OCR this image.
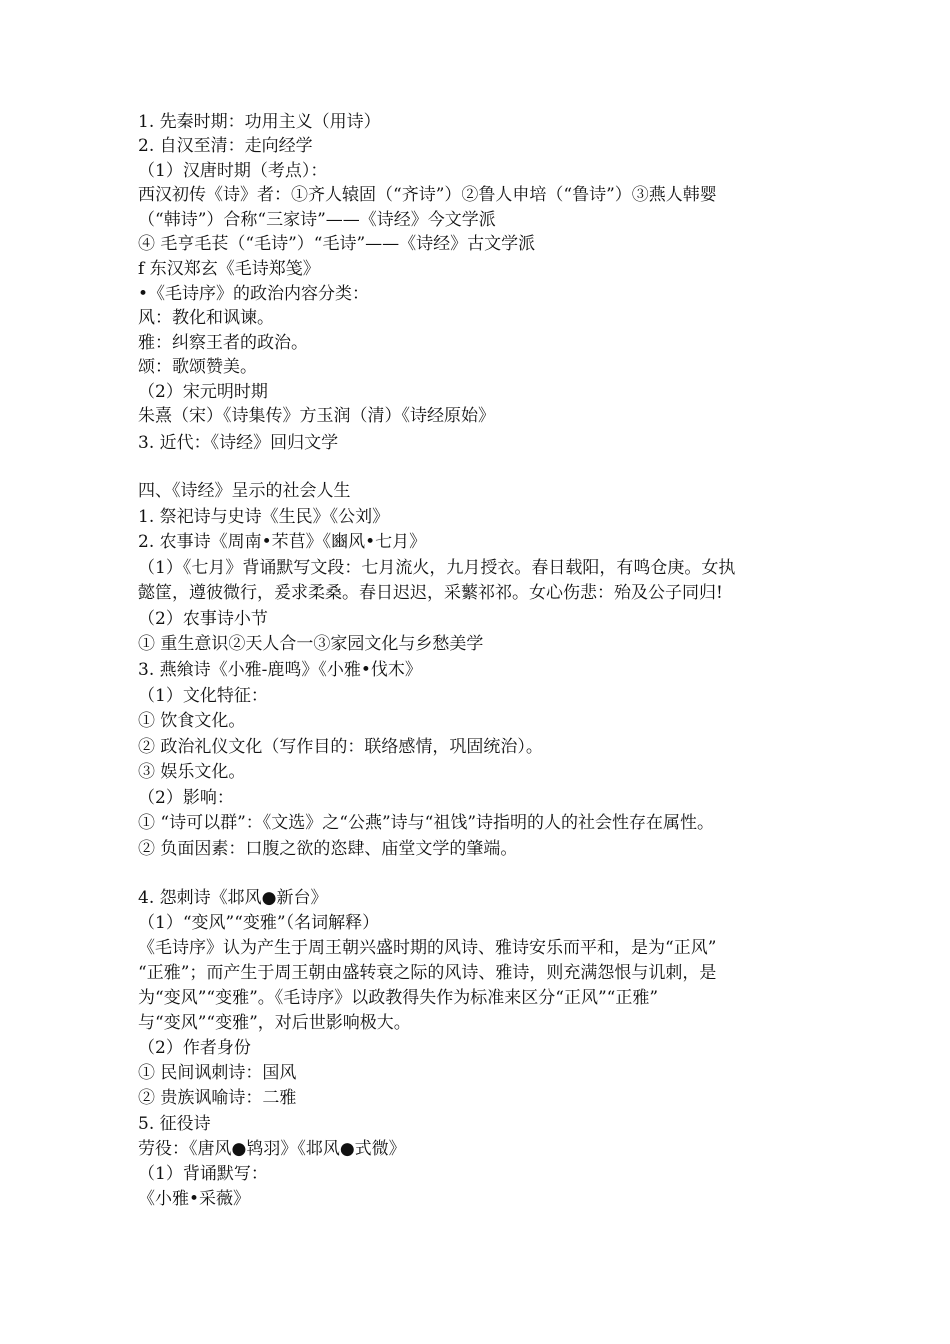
1. 先秦时期：功用主义（用诗）
2. 自汉至清：走向经学
（1）汉唐时期（考点）：
西汉初传《诗》者：①齐人辕固（“齐诗”）②鲁人申培（“鲁诗”）③燕人韩婴
（“韩诗”）合称“三家诗”——《诗经》今文学派
④ 毛亨毛苌（“毛诗”）“毛诗”——《诗经》古文学派
f 东汉郑玄《毛诗郑笺》
•《毛诗序》的政治内容分类：
风：教化和讽谏。
雅：纠察王者的政治。
颂：歌颂赞美。
（2）宋元明时期
朱熹（宋）《诗集传》方玉润（清）《诗经原始》
3. 近代：《诗经》回归文学
四、《诗经》呈示的社会人生
1. 祭祀诗与史诗《生民》《公刘》
2. 农事诗《周南•芣苢》《豳风•七月》
（1）《七月》背诵默写文段：七月流火，九月授衣。春日载阳，有鸣仓庚。女执
懿筐，遵彼微行，爰求柔桑。春日迟迟，采蘩祁祁。女心伤悲：殆及公子同归!
（2）农事诗小节
① 重生意识②天人合一③家园文化与乡愁美学
3. 燕飨诗《小雅-鹿鸣》《小雅•伐木》
（1）文化特征：
① 饮食文化。
② 政治礼仪文化（写作目的：联络感情，巩固统治）。
③ 娱乐文化。
（2）影响：
① “诗可以群”：《文选》之“公燕”诗与“祖饯”诗指明的人的社会性存在属性。
② 负面因素：口腹之欲的恣肆、庙堂文学的肇端。
4. 怨刺诗《邶风●新台》
（1）“变风”“变雅”（名词解释）
《毛诗序》认为产生于周王朝兴盛时期的风诗、雅诗安乐而平和，是为“正风”
“正雅”；而产生于周王朝由盛转衰之际的风诗、雅诗，则充满怨恨与讥刺，是
为“变风”“变雅”。《毛诗序》以政教得失作为标准来区分“正风”“正雅”
与“变风”“变雅”，对后世影响极大。
（2）作者身份
① 民间讽刺诗：国风
② 贵族讽喻诗：二雅
5. 征役诗
劳役：《唐风●鸨羽》《邶风●式微》
（1）背诵默写：
《小雅•采薇》
